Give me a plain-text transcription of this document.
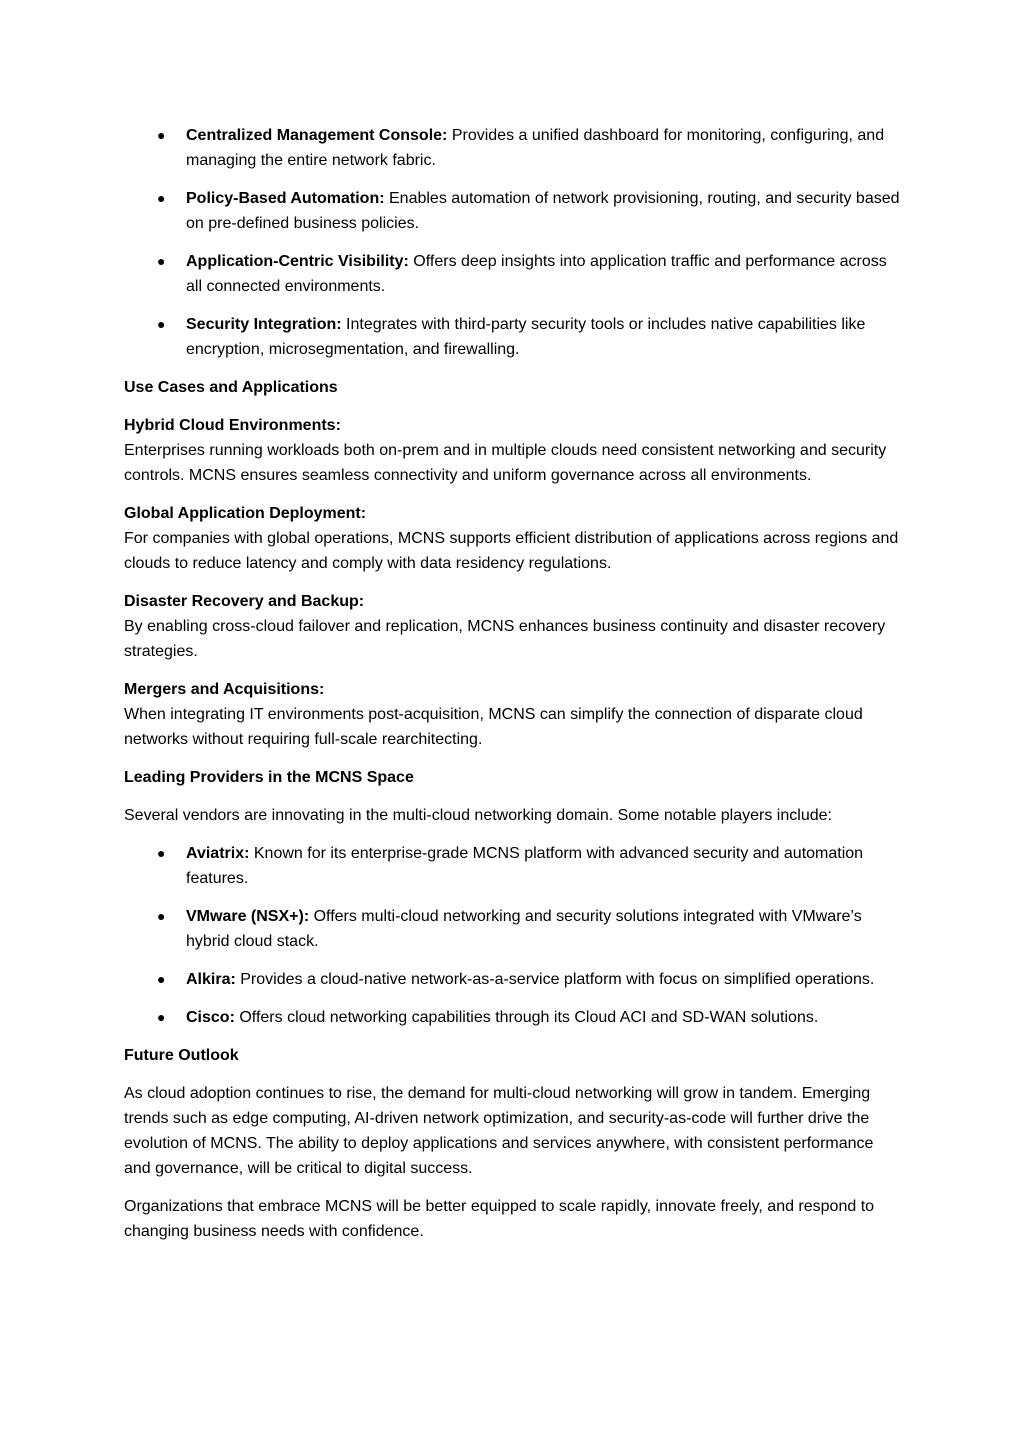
● Centralized Management Console: Provides a unified dashboard for monitoring, configuring, and managing the entire network fabric.
● Policy-Based Automation: Enables automation of network provisioning, routing, and security based on pre-defined business policies.
● Application-Centric Visibility: Offers deep insights into application traffic and performance across all connected environments.
● Security Integration: Integrates with third-party security tools or includes native capabilities like encryption, microsegmentation, and firewalling.
Use Cases and Applications
Hybrid Cloud Environments:
Enterprises running workloads both on-prem and in multiple clouds need consistent networking and security controls. MCNS ensures seamless connectivity and uniform governance across all environments.
Global Application Deployment:
For companies with global operations, MCNS supports efficient distribution of applications across regions and clouds to reduce latency and comply with data residency regulations.
Disaster Recovery and Backup:
By enabling cross-cloud failover and replication, MCNS enhances business continuity and disaster recovery strategies.
Mergers and Acquisitions:
When integrating IT environments post-acquisition, MCNS can simplify the connection of disparate cloud networks without requiring full-scale rearchitecting.
Leading Providers in the MCNS Space

Several vendors are innovating in the multi-cloud networking domain. Some notable players include:

● Aviatrix: Known for its enterprise-grade MCNS platform with advanced security and automation features.
● VMware (NSX+): Offers multi-cloud networking and security solutions integrated with VMware’s hybrid cloud stack.
● Alkira: Provides a cloud-native network-as-a-service platform with focus on simplified operations.
● Cisco: Offers cloud networking capabilities through its Cloud ACI and SD-WAN solutions.
Future Outlook

As cloud adoption continues to rise, the demand for multi-cloud networking will grow in tandem. Emerging trends such as edge computing, AI-driven network optimization, and security-as-code will further drive the evolution of MCNS. The ability to deploy applications and services anywhere, with consistent performance and governance, will be critical to digital success.

Organizations that embrace MCNS will be better equipped to scale rapidly, innovate freely, and respond to changing business needs with confidence.
